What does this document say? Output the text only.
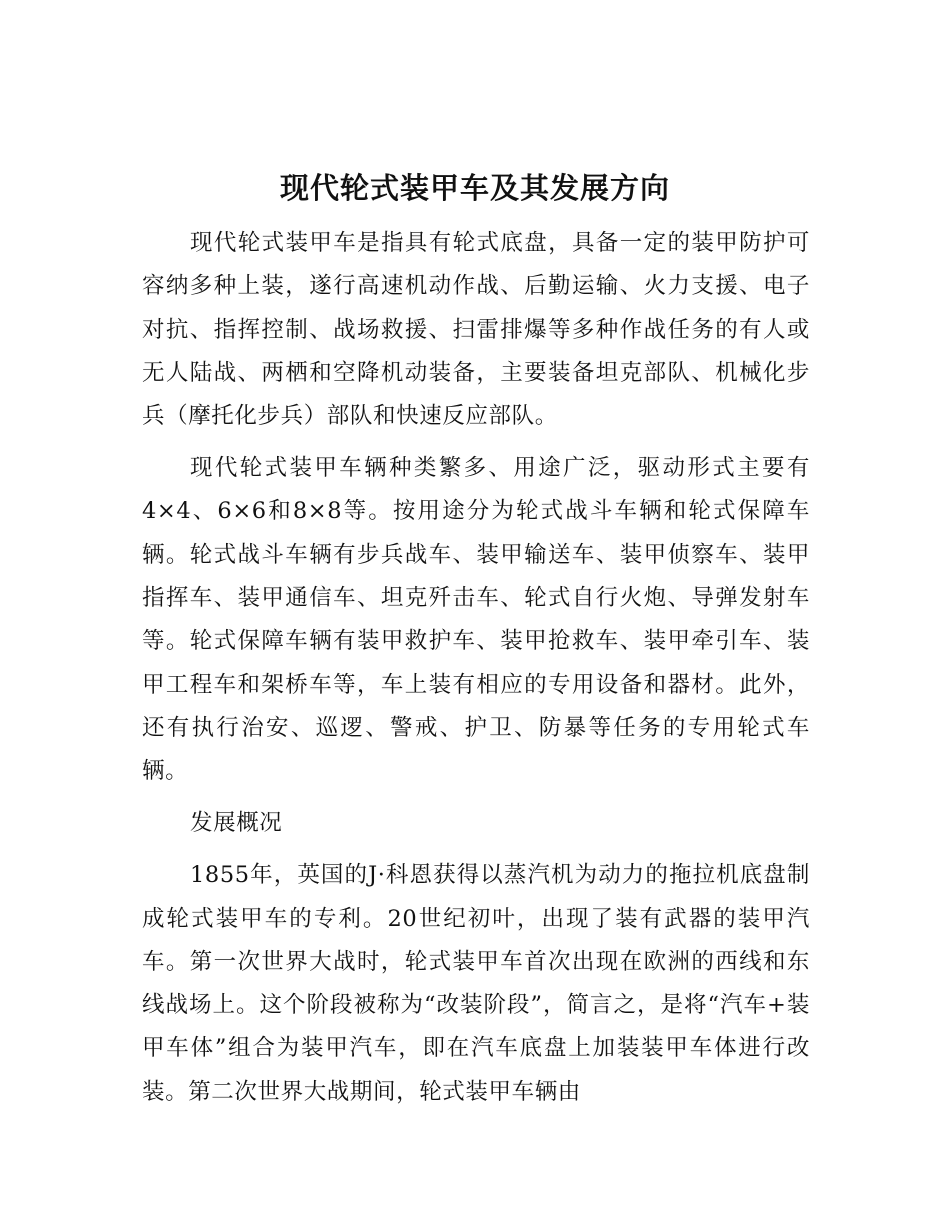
现代轮式装甲车及其发展方向

现代轮式装甲车是指具有轮式底盘，具备一定的装甲防护可容纳多种上装，遂行高速机动作战、后勤运输、火力支援、电子对抗、指挥控制、战场救援、扫雷排爆等多种作战任务的有人或无人陆战、两栖和空降机动装备，主要装备坦克部队、机械化步兵（摩托化步兵）部队和快速反应部队。

现代轮式装甲车辆种类繁多、用途广泛，驱动形式主要有4×4、6×6和8×8等。按用途分为轮式战斗车辆和轮式保障车辆。轮式战斗车辆有步兵战车、装甲输送车、装甲侦察车、装甲指挥车、装甲通信车、坦克歼击车、轮式自行火炮、导弹发射车等。轮式保障车辆有装甲救护车、装甲抢救车、装甲牵引车、装甲工程车和架桥车等，车上装有相应的专用设备和器材。此外，还有执行治安、巡逻、警戒、护卫、防暴等任务的专用轮式车辆。

发展概况

1855年，英国的J·科恩获得以蒸汽机为动力的拖拉机底盘制成轮式装甲车的专利。20世纪初叶，出现了装有武器的装甲汽车。第一次世界大战时，轮式装甲车首次出现在欧洲的西线和东线战场上。这个阶段被称为“改装阶段”，简言之，是将“汽车+装甲车体”组合为装甲汽车，即在汽车底盘上加装装甲车体进行改装。第二次世界大战期间，轮式装甲车辆由
